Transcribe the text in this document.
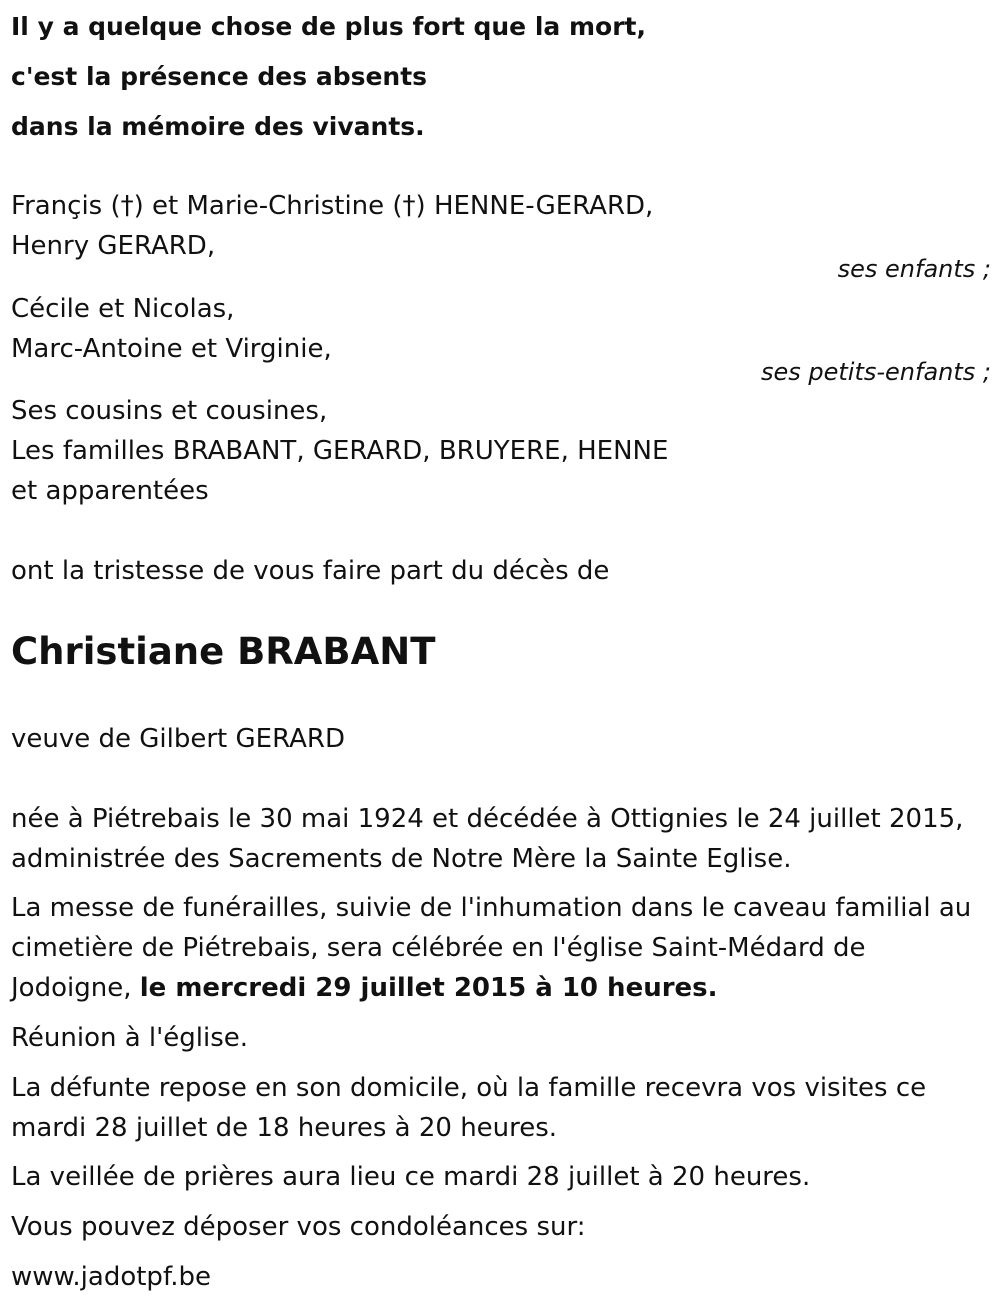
Il y a quelque chose de plus fort que la mort,
c'est la présence des absents
dans la mémoire des vivants.
Françis (†) et Marie-Christine (†) HENNE-GERARD,
Henry GERARD,
ses enfants ;
Cécile et Nicolas,
Marc-Antoine et Virginie,
ses petits-enfants ;
Ses cousins et cousines,
Les familles BRABANT, GERARD, BRUYERE, HENNE
et apparentées
ont la tristesse de vous faire part du décès de
Christiane BRABANT
veuve de Gilbert GERARD
née à Piétrebais le 30 mai 1924 et décédée à Ottignies le 24 juillet 2015,
administrée des Sacrements de Notre Mère la Sainte Eglise.
La messe de funérailles, suivie de l'inhumation dans le caveau familial au
cimetière de Piétrebais, sera célébrée en l'église Saint-Médard de
Jodoigne, le mercredi 29 juillet 2015 à 10 heures.
Réunion à l'église.
La défunte repose en son domicile, où la famille recevra vos visites ce
mardi 28 juillet de 18 heures à 20 heures.
La veillée de prières aura lieu ce mardi 28 juillet à 20 heures.
Vous pouvez déposer vos condoléances sur:
www.jadotpf.be
